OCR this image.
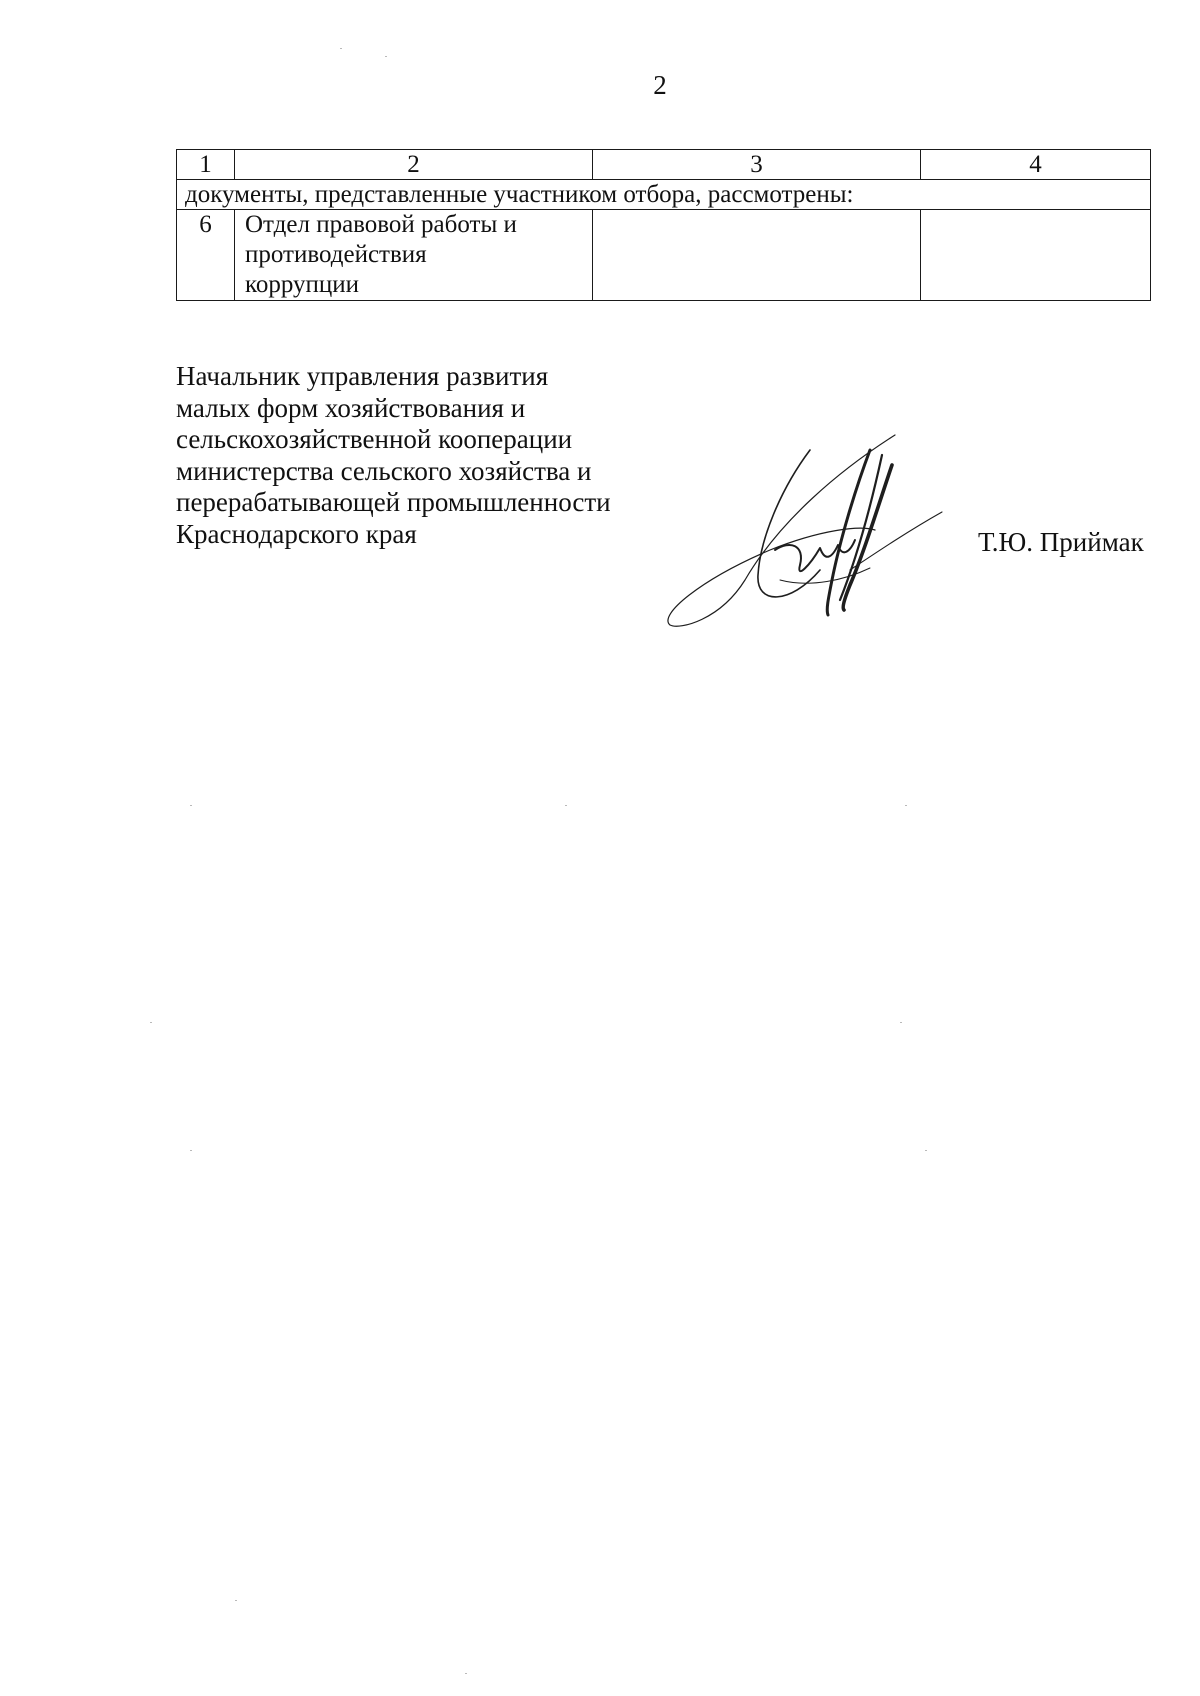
2
1	2	3	4
документы, представленные участником отбора, рассмотрены:			
6	Отдел правовой работы и
противодействия
коррупции		

Начальник управления развития
малых форм хозяйствования и
сельскохозяйственной кооперации
министерства сельского хозяйства и
перерабатывающей промышленности
Краснодарского края	Т.Ю. Приймак
